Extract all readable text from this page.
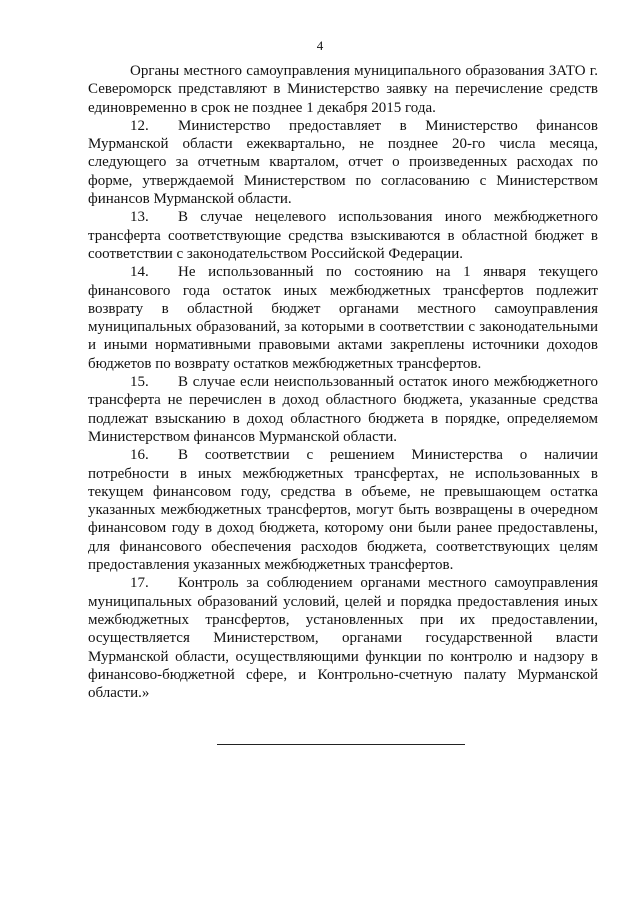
4

Органы местного самоуправления муниципального образования ЗАТО г. Североморск представляют в Министерство заявку на перечисление средств единовременно в срок не позднее 1 декабря 2015 года.

12. Министерство предоставляет в Министерство финансов Мурманской области ежеквартально, не позднее 20-го числа месяца, следующего за отчетным кварталом, отчет о произведенных расходах по форме, утверждаемой Министерством по согласованию с Министерством финансов Мурманской области.

13. В случае нецелевого использования иного межбюджетного трансферта соответствующие средства взыскиваются в областной бюджет в соответствии с законодательством Российской Федерации.

14. Не использованный по состоянию на 1 января текущего финансового года остаток иных межбюджетных трансфертов подлежит возврату в областной бюджет органами местного самоуправления муниципальных образований, за которыми в соответствии с законодательными и иными нормативными правовыми актами закреплены источники доходов бюджетов по возврату остатков межбюджетных трансфертов.

15. В случае если неиспользованный остаток иного межбюджетного трансферта не перечислен в доход областного бюджета, указанные средства подлежат взысканию в доход областного бюджета в порядке, определяемом Министерством финансов Мурманской области.

16. В соответствии с решением Министерства о наличии потребности в иных межбюджетных трансфертах, не использованных в текущем финансовом году, средства в объеме, не превышающем остатка указанных межбюджетных трансфертов, могут быть возвращены в очередном финансовом году в доход бюджета, которому они были ранее предоставлены, для финансового обеспечения расходов бюджета, соответствующих целям предоставления указанных межбюджетных трансфертов.

17. Контроль за соблюдением органами местного самоуправления муниципальных образований условий, целей и порядка предоставления иных межбюджетных трансфертов, установленных при их предоставлении, осуществляется Министерством, органами государственной власти Мурманской области, осуществляющими функции по контролю и надзору в финансово-бюджетной сфере, и Контрольно-счетную палату Мурманской области.»
